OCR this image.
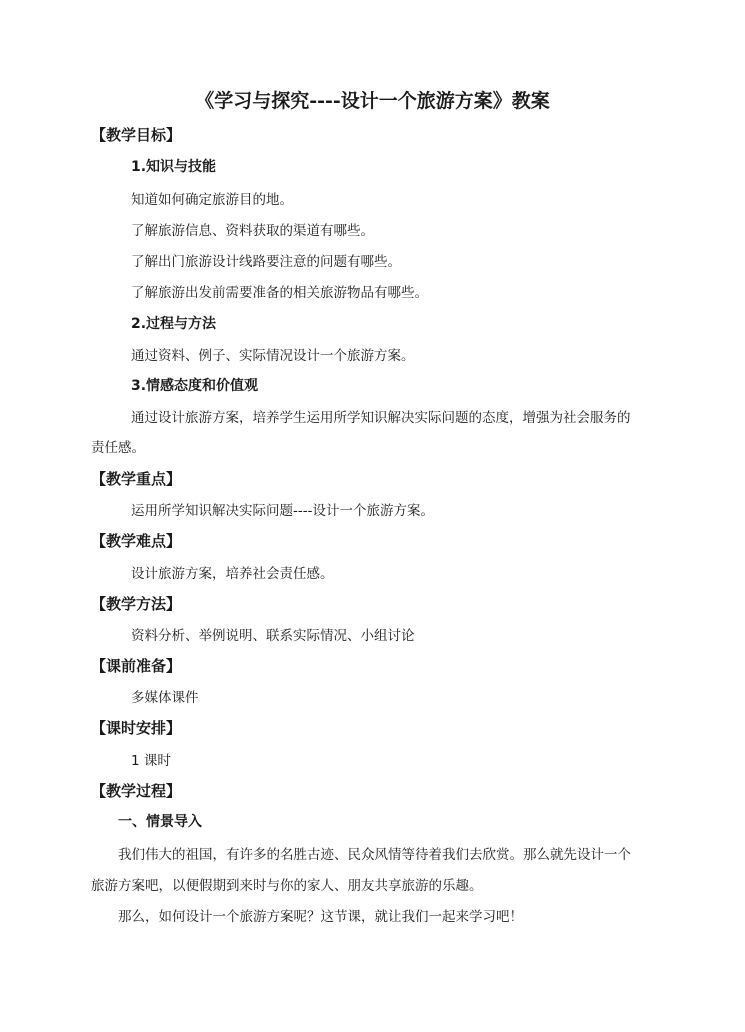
《学习与探究----设计一个旅游方案》教案
【教学目标】
1.知识与技能
知道如何确定旅游目的地。
了解旅游信息、资料获取的渠道有哪些。
了解出门旅游设计线路要注意的问题有哪些。
了解旅游出发前需要准备的相关旅游物品有哪些。
2.过程与方法
通过资料、例子、实际情况设计一个旅游方案。
3.情感态度和价值观
通过设计旅游方案，培养学生运用所学知识解决实际问题的态度，增强为社会服务的
责任感。
【教学重点】
运用所学知识解决实际问题----设计一个旅游方案。
【教学难点】
设计旅游方案，培养社会责任感。
【教学方法】
资料分析、举例说明、联系实际情况、小组讨论
【课前准备】
多媒体课件
【课时安排】
1 课时
【教学过程】
一、情景导入
我们伟大的祖国，有许多的名胜古迹、民众风情等待着我们去欣赏。那么就先设计一个
旅游方案吧，以便假期到来时与你的家人、朋友共享旅游的乐趣。
那么，如何设计一个旅游方案呢？这节课，就让我们一起来学习吧！
